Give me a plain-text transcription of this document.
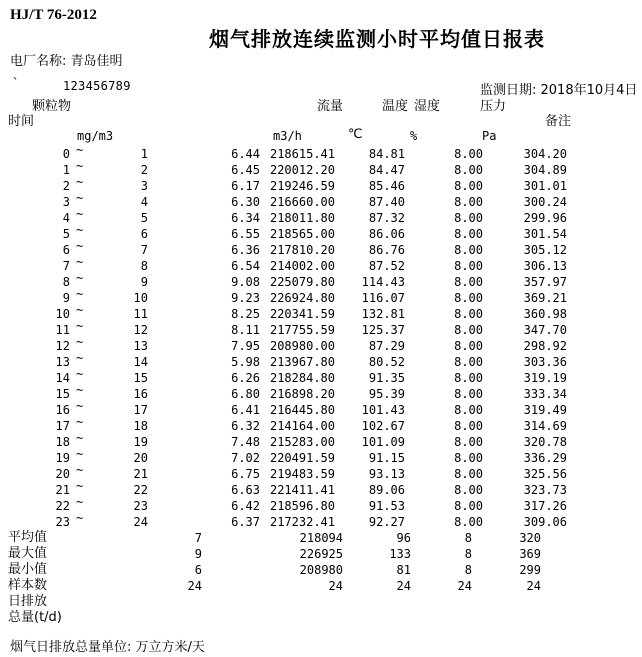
HJ/T 76-2012
烟气排放连续监测小时平均值日报表
电厂名称: 青岛佳明
`	123456789	监测日期: 2018年10月4日
颗粒物
时间
流量	温度 湿度	压力
备注
mg/m3	m3/h	℃	%	Pa
0 ~	1	6.44 218615.41	84.81	8.00	304.20
1 ~	2	6.45 220012.20	84.47	8.00	304.89
2 ~	3	6.17 219246.59	85.46	8.00	301.01
3 ~	4	6.30 216660.00	87.40	8.00	300.24
4 ~	5	6.34 218011.80	87.32	8.00	299.96
5 ~	6	6.55 218565.00	86.06	8.00	301.54
6 ~	7	6.36 217810.20	86.76	8.00	305.12
7 ~	8	6.54 214002.00	87.52	8.00	306.13
8 ~	9	9.08 225079.80	114.43	8.00	357.97
9 ~	10	9.23 226924.80	116.07	8.00	369.21
10 ~	11	8.25 220341.59	132.81	8.00	360.98
11 ~	12	8.11 217755.59	125.37	8.00	347.70
12 ~	13	7.95 208980.00	87.29	8.00	298.92
13 ~	14	5.98 213967.80	80.52	8.00	303.36
14 ~	15	6.26 218284.80	91.35	8.00	319.19
15 ~	16	6.80 216898.20	95.39	8.00	333.34
16 ~	17	6.41 216445.80	101.43	8.00	319.49
17 ~	18	6.32 214164.00	102.67	8.00	314.69
18 ~	19	7.48 215283.00	101.09	8.00	320.78
19 ~	20	7.02 220491.59	91.15	8.00	336.29
20 ~	21	6.75 219483.59	93.13	8.00	325.56
21 ~	22	6.63 221411.41	89.06	8.00	323.73
22 ~	23	6.42 218596.80	91.53	8.00	317.26
23 ~	24	6.37 217232.41	92.27	8.00	309.06
平均值	7	218094	96	8	320
最大值	9	226925	133	8	369
最小值	6	208980	81	8	299
样本数	24	24	24	24	24
日排放
总量(t/d)
烟气日排放总量单位: 万立方米/天
